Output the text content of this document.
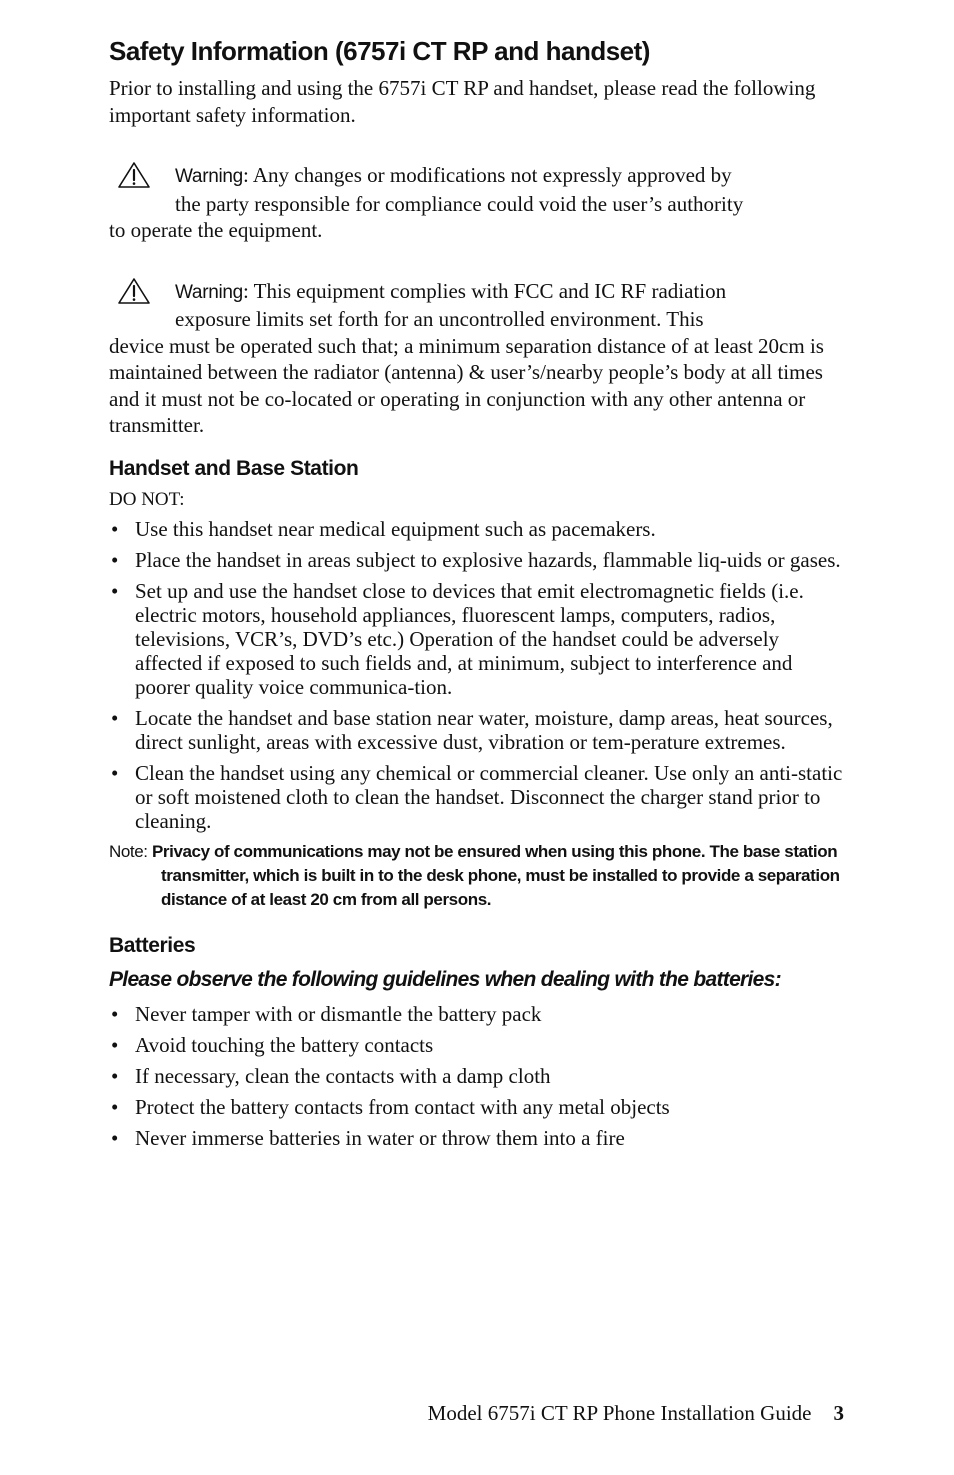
Safety Information (6757i CT RP and handset)

Prior to installing and using the 6757i CT RP and handset, please read the following important safety information.

Warning: Any changes or modifications not expressly approved by
the party responsible for compliance could void the user’s authority

to operate the equipment.

Warning: This equipment complies with FCC and IC RF radiation
exposure limits set forth for an uncontrolled environment. This

device must be operated such that; a minimum separation distance of at least 20cm is maintained between the radiator (antenna) & user’s/nearby people’s body at all times and it must not be co-located or operating in conjunction with any other antenna or transmitter.

Handset and Base Station
DO NOT:
• Use this handset near medical equipment such as pacemakers.
• Place the handset in areas subject to explosive hazards, flammable liq-uids or gases.
• Set up and use the handset close to devices that emit electromagnetic fields (i.e. electric motors, household appliances, fluorescent lamps, computers, radios, televisions, VCR’s, DVD’s etc.) Operation of the handset could be adversely affected if exposed to such fields and, at minimum, subject to interference and poorer quality voice communica-tion.
• Locate the handset and base station near water, moisture, damp areas, heat sources, direct sunlight, areas with excessive dust, vibration or tem-perature extremes.
• Clean the handset using any chemical or commercial cleaner. Use only an anti-static or soft moistened cloth to clean the handset. Disconnect the charger stand prior to cleaning.
Note: Privacy of communications may not be ensured when using this phone. The base station transmitter, which is built in to the desk phone, must be installed to provide a separation distance of at least 20 cm from all persons.
Batteries
Please observe the following guidelines when dealing with the batteries:
• Never tamper with or dismantle the battery pack
• Avoid touching the battery contacts
• If necessary, clean the contacts with a damp cloth
• Protect the battery contacts from contact with any metal objects
• Never immerse batteries in water or throw them into a fire
Model 6757i CT RP Phone Installation Guide 3
